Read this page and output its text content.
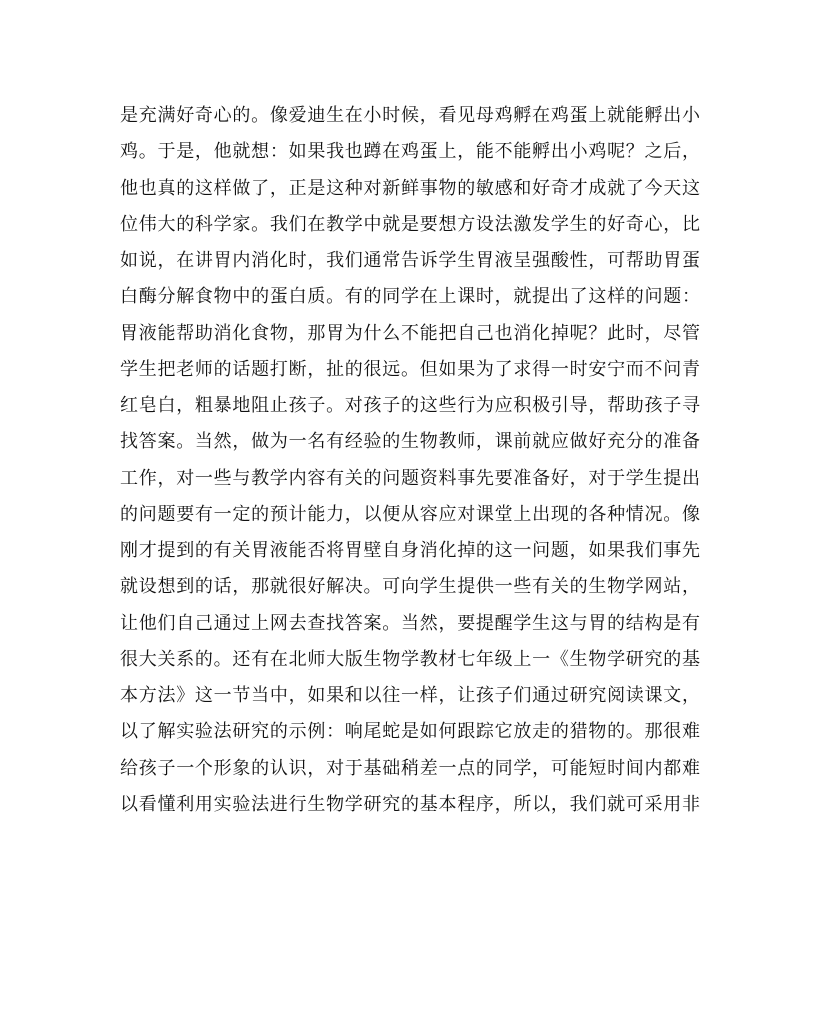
是充满好奇心的。像爱迪生在小时候，看见母鸡孵在鸡蛋上就能孵出小
鸡。于是，他就想：如果我也蹲在鸡蛋上，能不能孵出小鸡呢？之后，
他也真的这样做了，正是这种对新鲜事物的敏感和好奇才成就了今天这
位伟大的科学家。我们在教学中就是要想方设法激发学生的好奇心，比
如说，在讲胃内消化时，我们通常告诉学生胃液呈强酸性，可帮助胃蛋
白酶分解食物中的蛋白质。有的同学在上课时，就提出了这样的问题：
胃液能帮助消化食物，那胃为什么不能把自己也消化掉呢？此时，尽管
学生把老师的话题打断，扯的很远。但如果为了求得一时安宁而不问青
红皂白，粗暴地阻止孩子。对孩子的这些行为应积极引导，帮助孩子寻
找答案。当然，做为一名有经验的生物教师，课前就应做好充分的准备
工作，对一些与教学内容有关的问题资料事先要准备好，对于学生提出
的问题要有一定的预计能力，以便从容应对课堂上出现的各种情况。像
刚才提到的有关胃液能否将胃壁自身消化掉的这一问题，如果我们事先
就设想到的话，那就很好解决。可向学生提供一些有关的生物学网站，
让他们自己通过上网去查找答案。当然，要提醒学生这与胃的结构是有
很大关系的。还有在北师大版生物学教材七年级上一《生物学研究的基
本方法》这一节当中，如果和以往一样，让孩子们通过研究阅读课文，
以了解实验法研究的示例：响尾蛇是如何跟踪它放走的猎物的。那很难
给孩子一个形象的认识，对于基础稍差一点的同学，可能短时间内都难
以看懂利用实验法进行生物学研究的基本程序，所以，我们就可采用非
